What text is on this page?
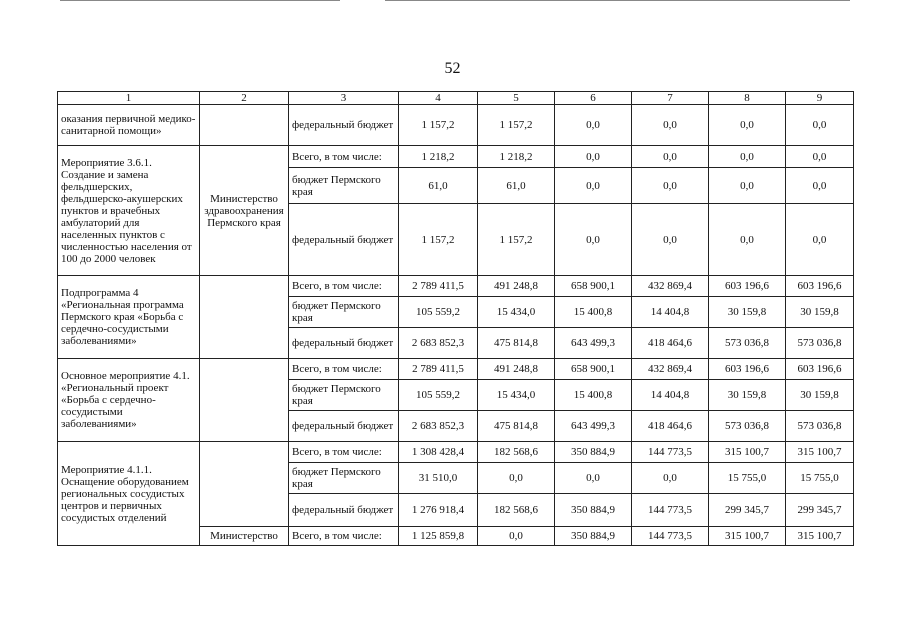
52
1	2	3	4	5	6	7	8	9
оказания первичной медико-санитарной помощи»		федеральный бюджет	1 157,2	1 157,2	0,0	0,0	0,0	0,0
Мероприятие 3.6.1. Создание и замена фельдшерских, фельдшерско-акушерских пунктов и врачебных амбулаторий для населенных пунктов с численностью населения от 100 до 2000 человек	Министерство здравоохранения Пермского края	Всего, в том числе:	1 218,2	1 218,2	0,0	0,0	0,0	0,0
		бюджет Пермского края	61,0	61,0	0,0	0,0	0,0	0,0
		федеральный бюджет	1 157,2	1 157,2	0,0	0,0	0,0	0,0
Подпрограмма 4 «Региональная программа Пермского края «Борьба с сердечно-сосудистыми заболеваниями»		Всего, в том числе:	2 789 411,5	491 248,8	658 900,1	432 869,4	603 196,6	603 196,6
		бюджет Пермского края	105 559,2	15 434,0	15 400,8	14 404,8	30 159,8	30 159,8
		федеральный бюджет	2 683 852,3	475 814,8	643 499,3	418 464,6	573 036,8	573 036,8
Основное мероприятие 4.1. «Региональный проект «Борьба с сердечно-сосудистыми заболеваниями»		Всего, в том числе:	2 789 411,5	491 248,8	658 900,1	432 869,4	603 196,6	603 196,6
		бюджет Пермского края	105 559,2	15 434,0	15 400,8	14 404,8	30 159,8	30 159,8
		федеральный бюджет	2 683 852,3	475 814,8	643 499,3	418 464,6	573 036,8	573 036,8
Мероприятие 4.1.1. Оснащение оборудованием региональных сосудистых центров и первичных сосудистых отделений		Всего, в том числе:	1 308 428,4	182 568,6	350 884,9	144 773,5	315 100,7	315 100,7
		бюджет Пермского края	31 510,0	0,0	0,0	0,0	15 755,0	15 755,0
		федеральный бюджет	1 276 918,4	182 568,6	350 884,9	144 773,5	299 345,7	299 345,7
	Министерство	Всего, в том числе:	1 125 859,8	0,0	350 884,9	144 773,5	315 100,7	315 100,7
